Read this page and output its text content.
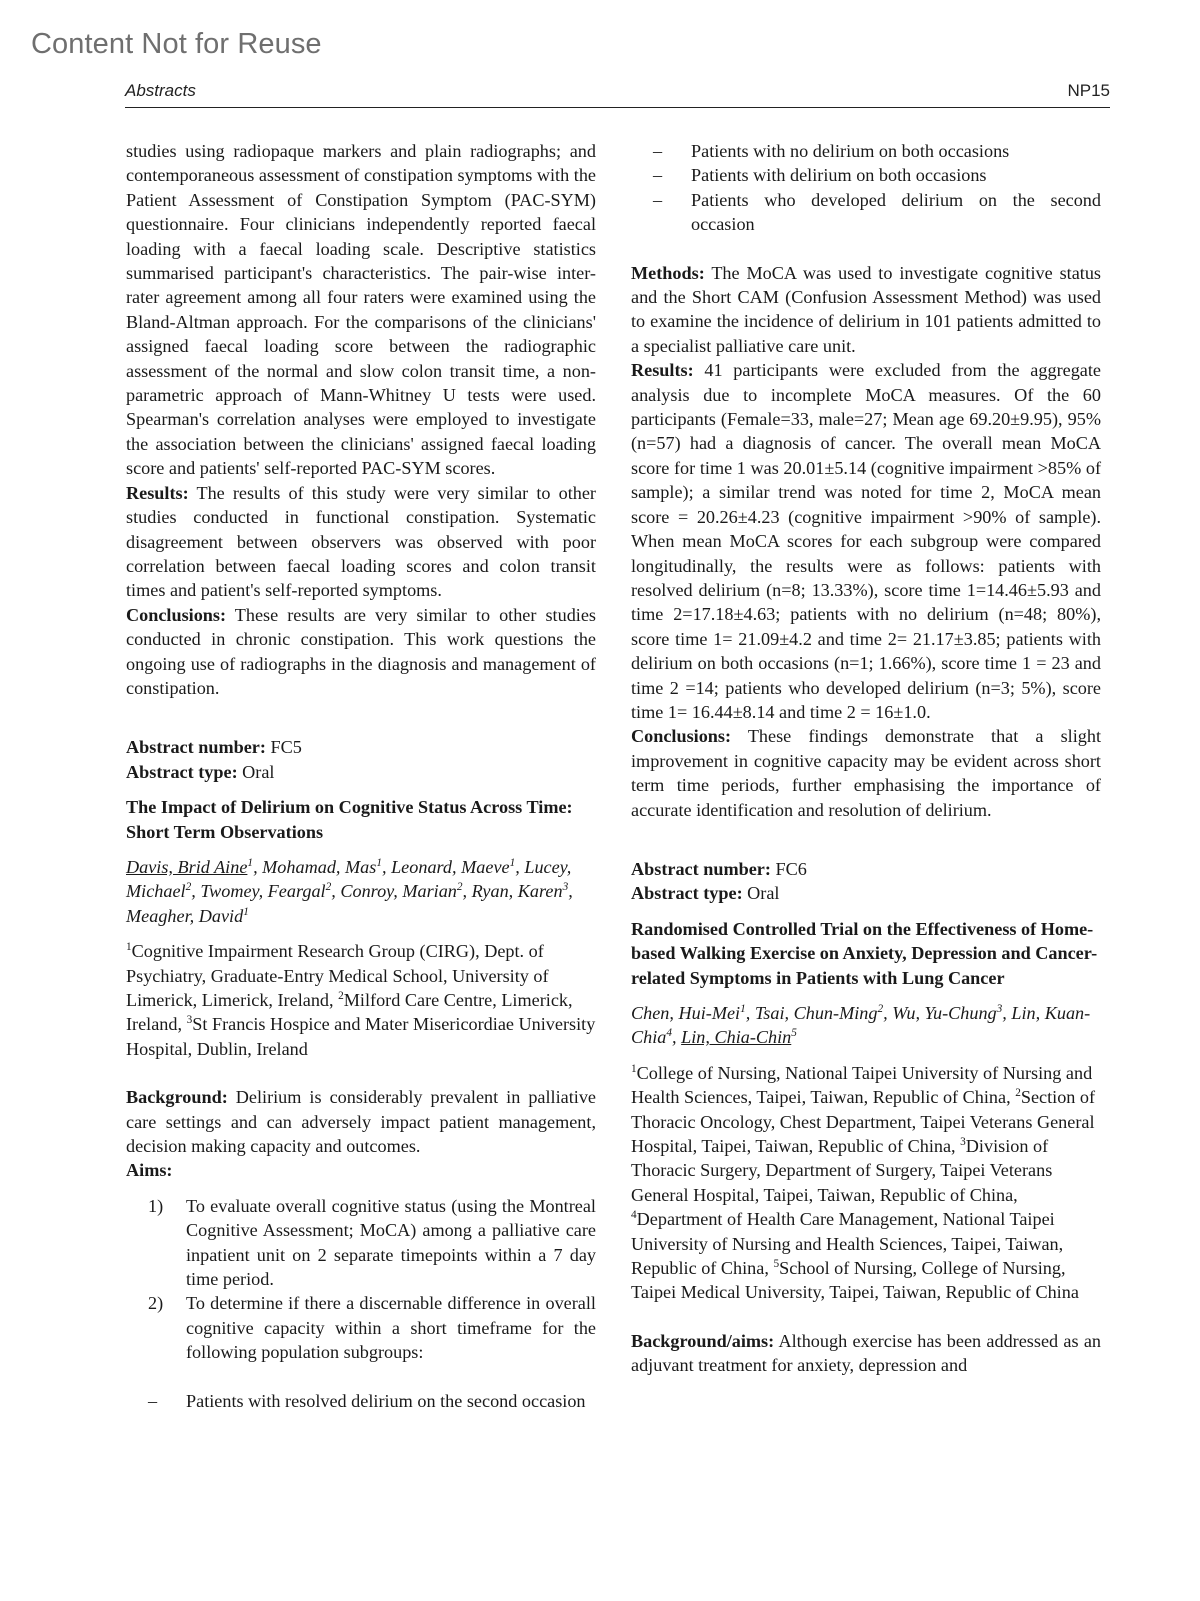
Content Not for Reuse
Abstracts	NP15

studies using radiopaque markers and plain radiographs; and contemporaneous assessment of constipation symptoms with the Patient Assessment of Constipation Symptom (PAC-SYM) questionnaire. Four clinicians independently reported faecal loading with a faecal loading scale. Descriptive statistics summarised participant's characteristics. The pair-wise inter-rater agreement among all four raters were examined using the Bland-Altman approach. For the comparisons of the clinicians' assigned faecal loading score between the radiographic assessment of the normal and slow colon transit time, a non-parametric approach of Mann-Whitney U tests were used. Spearman's correlation analyses were employed to investigate the association between the clinicians' assigned faecal loading score and patients' self-reported PAC-SYM scores.

Results: The results of this study were very similar to other studies conducted in functional constipation. Systematic disagreement between observers was observed with poor correlation between faecal loading scores and colon transit times and patient's self-reported symptoms.

Conclusions: These results are very similar to other studies conducted in chronic constipation. This work questions the ongoing use of radiographs in the diagnosis and management of constipation.

Abstract number: FC5

Abstract type: Oral

The Impact of Delirium on Cognitive Status Across Time: Short Term Observations

Davis, Brid Aine$^1$, Mohamad, Mas$^1$, Leonard, Maeve$^1$, Lucey, Michael$^2$, Twomey, Feargal$^2$, Conroy, Marian$^2$, Ryan, Karen$^3$, Meagher, David$^1$

$^1$Cognitive Impairment Research Group (CIRG), Dept. of Psychiatry, Graduate-Entry Medical School, University of Limerick, Limerick, Ireland, $^2$Milford Care Centre, Limerick, Ireland, $^3$St Francis Hospice and Mater Misericordiae University Hospital, Dublin, Ireland

Background: Delirium is considerably prevalent in palliative care settings and can adversely impact patient management, decision making capacity and outcomes.

Aims:

1)	To evaluate overall cognitive status (using the Montreal Cognitive Assessment; MoCA) among a palliative care inpatient unit on 2 separate timepoints within a 7 day time period.
2)	To determine if there a discernable difference in overall cognitive capacity within a short timeframe for the following population subgroups:
–	Patients with resolved delirium on the second occasion
–	Patients with no delirium on both occasions
–	Patients with delirium on both occasions
–	Patients who developed delirium on the second occasion

Methods: The MoCA was used to investigate cognitive status and the Short CAM (Confusion Assessment Method) was used to examine the incidence of delirium in 101 patients admitted to a specialist palliative care unit.

Results: 41 participants were excluded from the aggregate analysis due to incomplete MoCA measures. Of the 60 participants (Female=33, male=27; Mean age 69.20±9.95), 95% (n=57) had a diagnosis of cancer. The overall mean MoCA score for time 1 was 20.01±5.14 (cognitive impairment >85% of sample); a similar trend was noted for time 2, MoCA mean score = 20.26±4.23 (cognitive impairment >90% of sample). When mean MoCA scores for each subgroup were compared longitudinally, the results were as follows: patients with resolved delirium (n=8; 13.33%), score time 1=14.46±5.93 and time 2=17.18±4.63; patients with no delirium (n=48; 80%), score time 1= 21.09±4.2 and time 2= 21.17±3.85; patients with delirium on both occasions (n=1; 1.66%), score time 1 = 23 and time 2 =14; patients who developed delirium (n=3; 5%), score time 1= 16.44±8.14 and time 2 = 16±1.0.

Conclusions: These findings demonstrate that a slight improvement in cognitive capacity may be evident across short term time periods, further emphasising the importance of accurate identification and resolution of delirium.

Abstract number: FC6

Abstract type: Oral

Randomised Controlled Trial on the Effectiveness of Home-based Walking Exercise on Anxiety, Depression and Cancer-related Symptoms in Patients with Lung Cancer

Chen, Hui-Mei$^1$, Tsai, Chun-Ming$^2$, Wu, Yu-Chung$^3$, Lin, Kuan-Chia$^4$, Lin, Chia-Chin$^5$

$^1$College of Nursing, National Taipei University of Nursing and Health Sciences, Taipei, Taiwan, Republic of China, $^2$Section of Thoracic Oncology, Chest Department, Taipei Veterans General Hospital, Taipei, Taiwan, Republic of China, $^3$Division of Thoracic Surgery, Department of Surgery, Taipei Veterans General Hospital, Taipei, Taiwan, Republic of China, $^4$Department of Health Care Management, National Taipei University of Nursing and Health Sciences, Taipei, Taiwan, Republic of China, $^5$School of Nursing, College of Nursing, Taipei Medical University, Taipei, Taiwan, Republic of China

Background/aims: Although exercise has been addressed as an adjuvant treatment for anxiety, depression and
